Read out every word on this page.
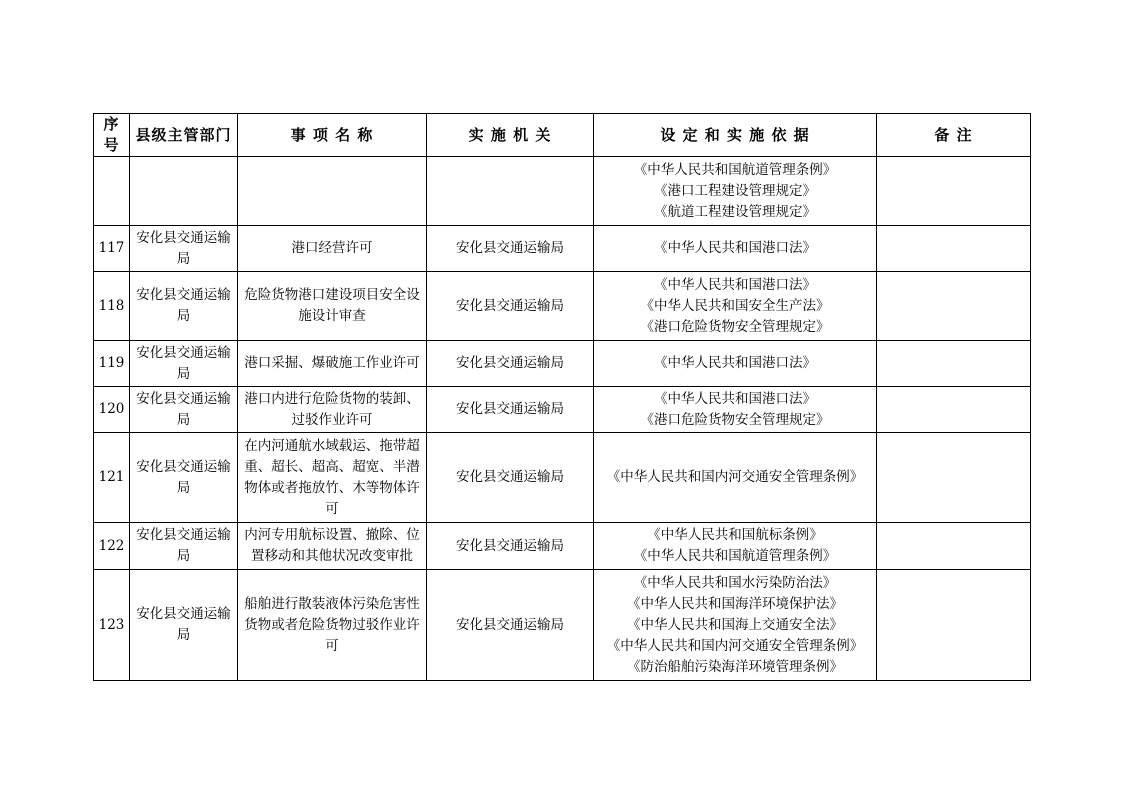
序号	县级主管部门	事 项 名 称	实 施 机 关	设 定 和 实 施 依 据	备 注

				《中华人民共和国航道管理条例》
《港口工程建设管理规定》
《航道工程建设管理规定》	

117	安化县交通运输局	港口经营许可	安化县交通运输局	《中华人民共和国港口法》	

118	安化县交通运输局	危险货物港口建设项目安全设施设计审查	安化县交通运输局	《中华人民共和国港口法》
《中华人民共和国安全生产法》
《港口危险货物安全管理规定》	

119	安化县交通运输局	港口采掘、爆破施工作业许可	安化县交通运输局	《中华人民共和国港口法》	

120	安化县交通运输局	港口内进行危险货物的装卸、过驳作业许可	安化县交通运输局	《中华人民共和国港口法》
《港口危险货物安全管理规定》	

121	安化县交通运输局	在内河通航水域载运、拖带超重、超长、超高、超宽、半潜物体或者拖放竹、木等物体许可	安化县交通运输局	《中华人民共和国内河交通安全管理条例》	

122	安化县交通运输局	内河专用航标设置、撤除、位置移动和其他状况改变审批	安化县交通运输局	《中华人民共和国航标条例》
《中华人民共和国航道管理条例》	

123	安化县交通运输局	船舶进行散装液体污染危害性货物或者危险货物过驳作业许可	安化县交通运输局	《中华人民共和国水污染防治法》
《中华人民共和国海洋环境保护法》
《中华人民共和国海上交通安全法》
《中华人民共和国内河交通安全管理条例》
《防治船舶污染海洋环境管理条例》	
